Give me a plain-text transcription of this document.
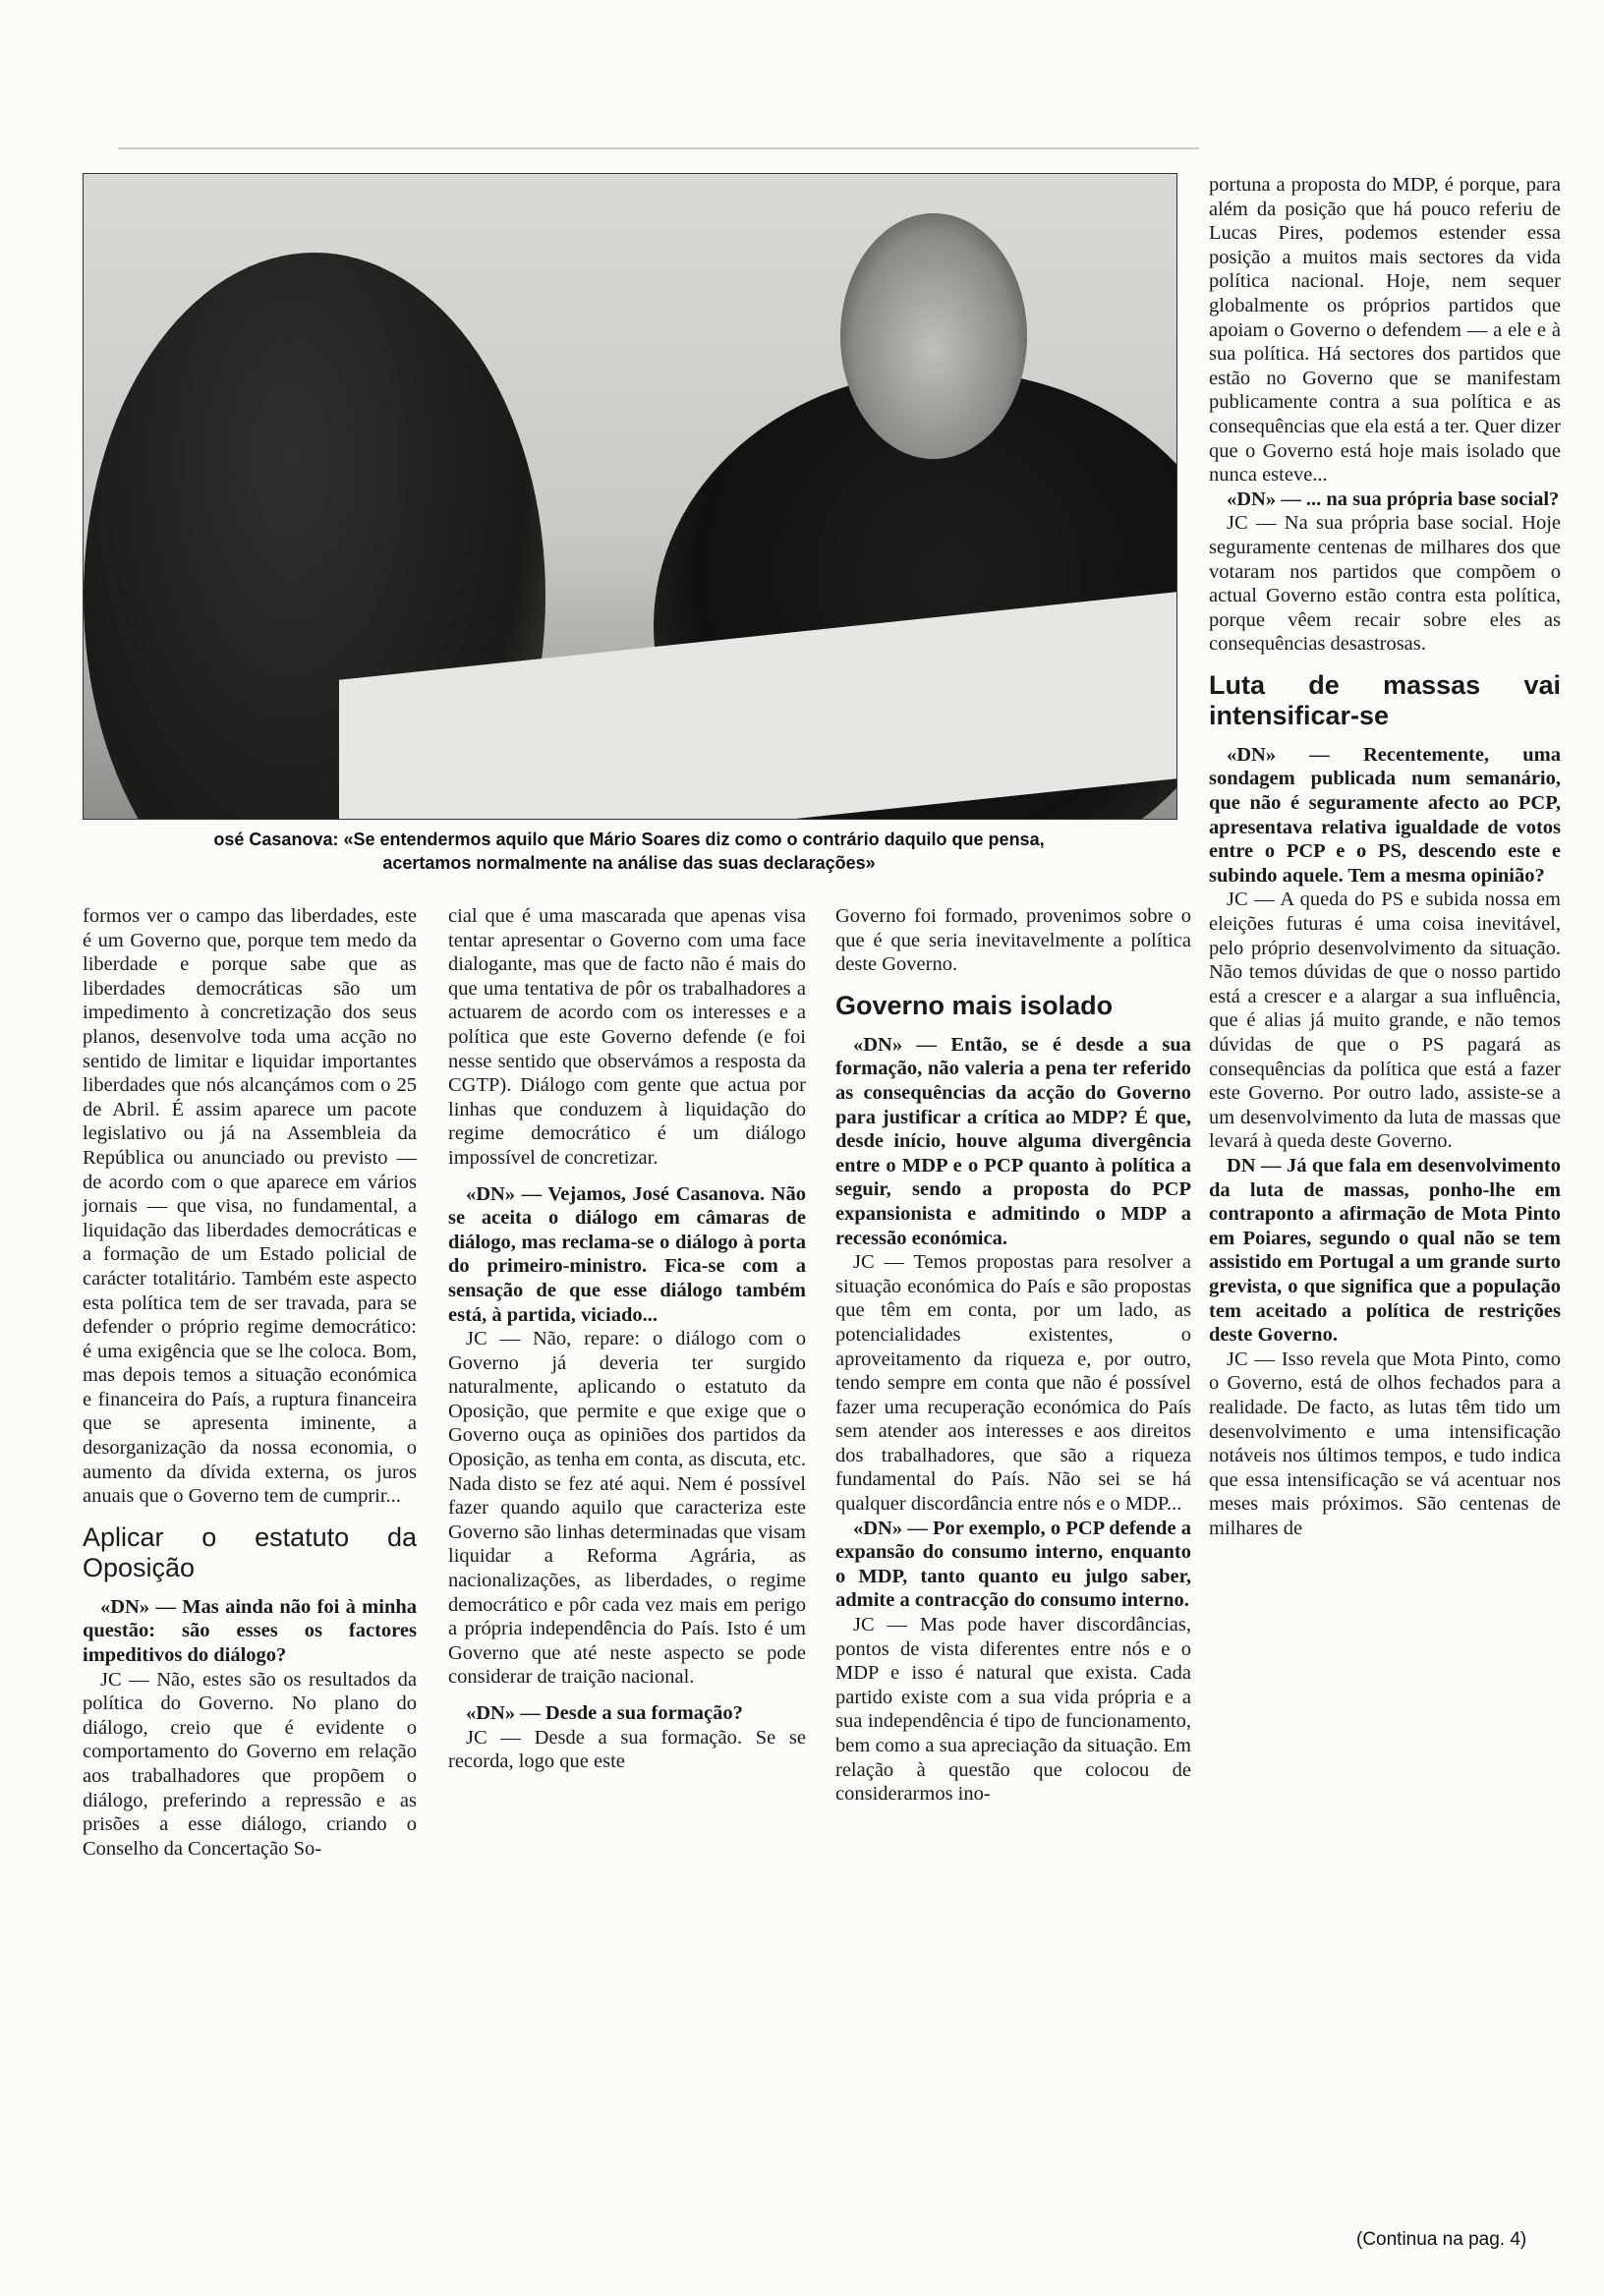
osé Casanova: «Se entendermos aquilo que Mário Soares diz como o contrário daquilo que pensa,
acertamos normalmente na análise das suas declarações»

formos ver o campo das liberdades, este é um Governo que, porque tem medo da liberdade e porque sabe que as liberdades democráticas são um impedimento à concretização dos seus planos, desenvolve toda uma acção no sentido de limitar e liquidar importantes liberdades que nós alcançámos com o 25 de Abril. É assim aparece um pacote legislativo ou já na Assembleia da República ou anunciado ou previsto — de acordo com o que aparece em vários jornais — que visa, no fundamental, a liquidação das liberdades democráticas e a formação de um Estado policial de carácter totalitário. Também este aspecto esta política tem de ser travada, para se defender o próprio regime democrático: é uma exigência que se lhe coloca. Bom, mas depois temos a situação económica e financeira do País, a ruptura financeira que se apresenta iminente, a desorganização da nossa economia, o aumento da dívida externa, os juros anuais que o Governo tem de cumprir...

Aplicar o estatuto da Oposição

«DN» — Mas ainda não foi à minha questão: são esses os factores impeditivos do diálogo?

JC — Não, estes são os resultados da política do Governo. No plano do diálogo, creio que é evidente o comportamento do Governo em relação aos trabalhadores que propõem o diálogo, preferindo a repressão e as prisões a esse diálogo, criando o Conselho da Concertação So-

cial que é uma mascarada que apenas visa tentar apresentar o Governo com uma face dialogante, mas que de facto não é mais do que uma tentativa de pôr os trabalhadores a actuarem de acordo com os interesses e a política que este Governo defende (e foi nesse sentido que observámos a resposta da CGTP). Diálogo com gente que actua por linhas que conduzem à liquidação do regime democrático é um diálogo impossível de concretizar.

«DN» — Vejamos, José Casanova. Não se aceita o diálogo em câmaras de diálogo, mas reclama-se o diálogo à porta do primeiro-ministro. Fica-se com a sensação de que esse diálogo também está, à partida, viciado...

JC — Não, repare: o diálogo com o Governo já deveria ter surgido naturalmente, aplicando o estatuto da Oposição, que permite e que exige que o Governo ouça as opiniões dos partidos da Oposição, as tenha em conta, as discuta, etc. Nada disto se fez até aqui. Nem é possível fazer quando aquilo que caracteriza este Governo são linhas determinadas que visam liquidar a Reforma Agrária, as nacionalizações, as liberdades, o regime democrático e pôr cada vez mais em perigo a própria independência do País. Isto é um Governo que até neste aspecto se pode considerar de traição nacional.

«DN» — Desde a sua formação?

JC — Desde a sua formação. Se se recorda, logo que este

Governo foi formado, provenimos sobre o que é que seria inevitavelmente a política deste Governo.

Governo mais isolado

«DN» — Então, se é desde a sua formação, não valeria a pena ter referido as consequências da acção do Governo para justificar a crítica ao MDP? É que, desde início, houve alguma divergência entre o MDP e o PCP quanto à política a seguir, sendo a proposta do PCP expansionista e admitindo o MDP a recessão económica.

JC — Temos propostas para resolver a situação económica do País e são propostas que têm em conta, por um lado, as potencialidades existentes, o aproveitamento da riqueza e, por outro, tendo sempre em conta que não é possível fazer uma recuperação económica do País sem atender aos interesses e aos direitos dos trabalhadores, que são a riqueza fundamental do País. Não sei se há qualquer discordância entre nós e o MDP...

«DN» — Por exemplo, o PCP defende a expansão do consumo interno, enquanto o MDP, tanto quanto eu julgo saber, admite a contracção do consumo interno.

JC — Mas pode haver discordâncias, pontos de vista diferentes entre nós e o MDP e isso é natural que exista. Cada partido existe com a sua vida própria e a sua independência é tipo de funcionamento, bem como a sua apreciação da situação. Em relação à questão que colocou de considerarmos ino-

portuna a proposta do MDP, é porque, para além da posição que há pouco referiu de Lucas Pires, podemos estender essa posição a muitos mais sectores da vida política nacional. Hoje, nem sequer globalmente os próprios partidos que apoiam o Governo o defendem — a ele e à sua política. Há sectores dos partidos que estão no Governo que se manifestam publicamente contra a sua política e as consequências que ela está a ter. Quer dizer que o Governo está hoje mais isolado que nunca esteve...

«DN» — ... na sua própria base social?

JC — Na sua própria base social. Hoje seguramente centenas de milhares dos que votaram nos partidos que compõem o actual Governo estão contra esta política, porque vêem recair sobre eles as consequências desastrosas.

Luta de massas vai intensificar-se

«DN» — Recentemente, uma sondagem publicada num semanário, que não é seguramente afecto ao PCP, apresentava relativa igualdade de votos entre o PCP e o PS, descendo este e subindo aquele. Tem a mesma opinião?

JC — A queda do PS e subida nossa em eleições futuras é uma coisa inevitável, pelo próprio desenvolvimento da situação. Não temos dúvidas de que o nosso partido está a crescer e a alargar a sua influência, que é alias já muito grande, e não temos dúvidas de que o PS pagará as consequências da política que está a fazer este Governo. Por outro lado, assiste-se a um desenvolvimento da luta de massas que levará à queda deste Governo.

DN — Já que fala em desenvolvimento da luta de massas, ponho-lhe em contraponto a afirmação de Mota Pinto em Poiares, segundo o qual não se tem assistido em Portugal a um grande surto grevista, o que significa que a população tem aceitado a política de restrições deste Governo.

JC — Isso revela que Mota Pinto, como o Governo, está de olhos fechados para a realidade. De facto, as lutas têm tido um desenvolvimento e uma intensificação notáveis nos últimos tempos, e tudo indica que essa intensificação se vá acentuar nos meses mais próximos. São centenas de milhares de

(Continua na pag. 4)
